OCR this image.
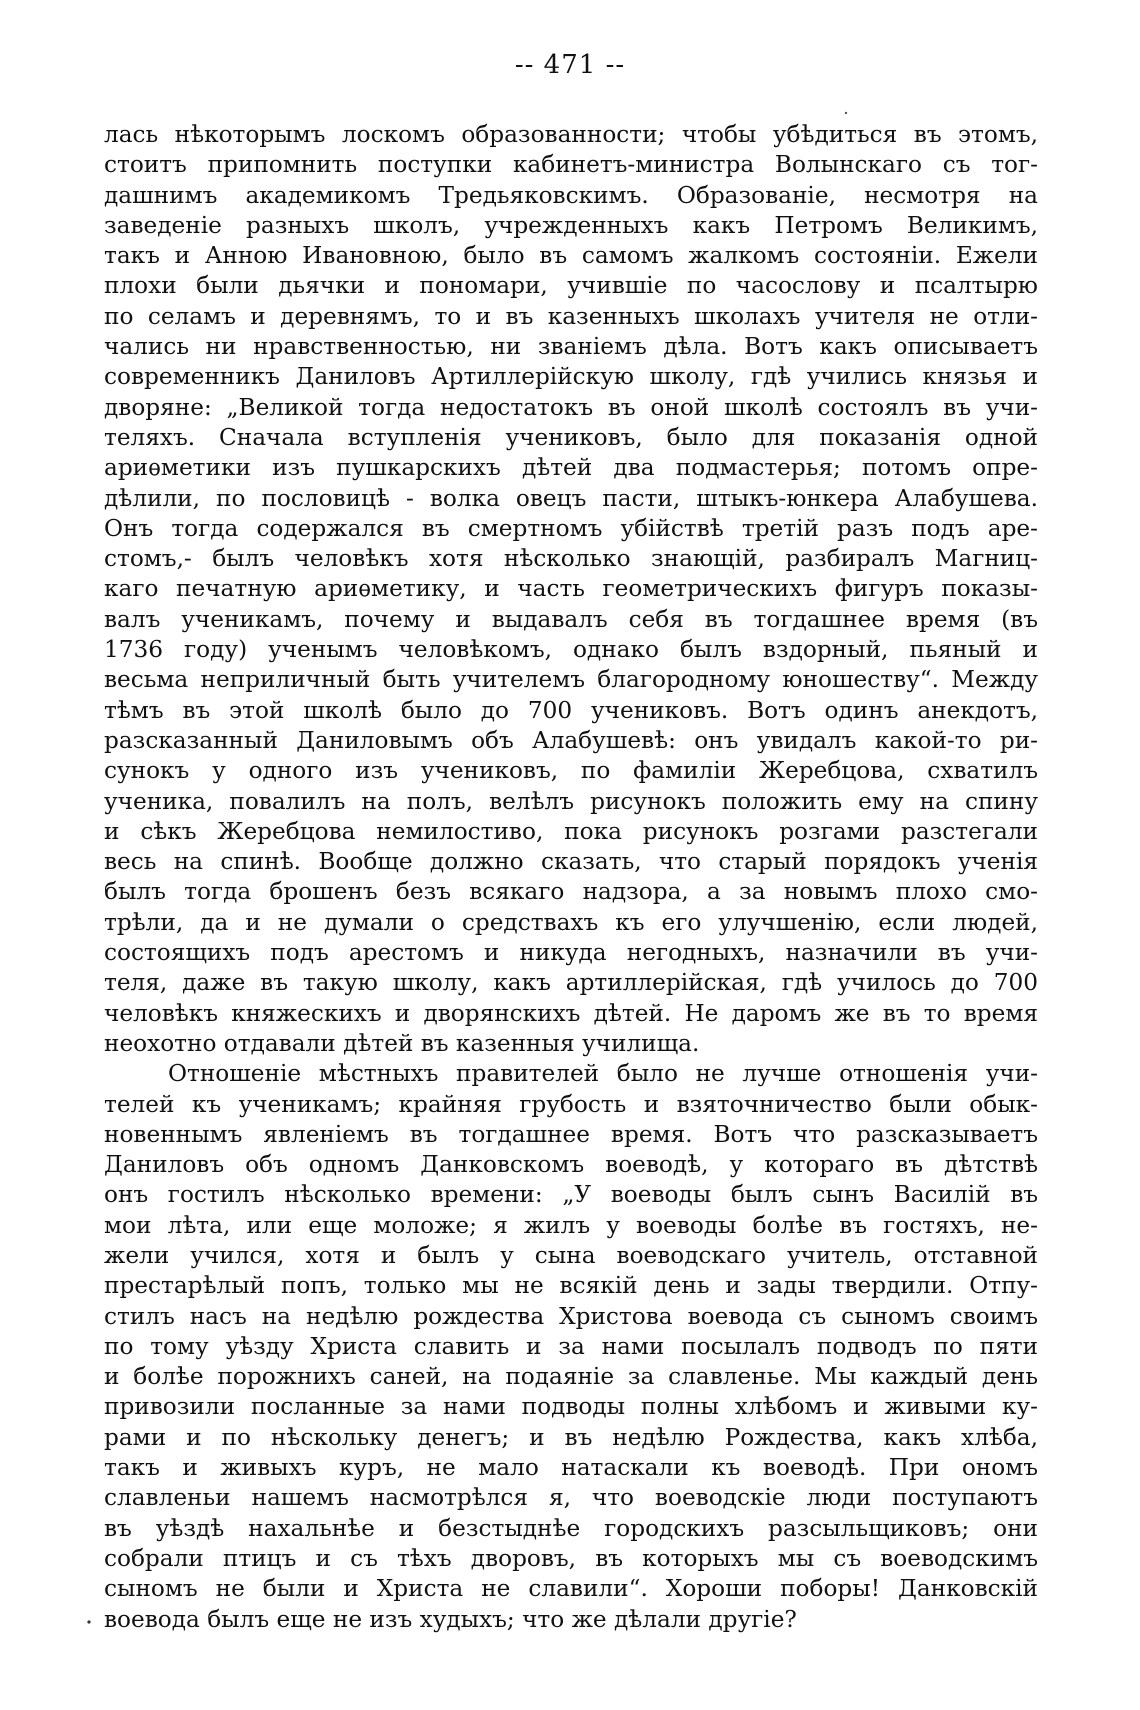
-- 471 --
лась нѣкоторымъ лоскомъ образованности; чтобы убѣдиться въ этомъ,
стоитъ припомнить поступки кабинетъ-министра Волынскаго съ тог-
дашнимъ академикомъ Тредьяковскимъ. Образованіе, несмотря на
заведеніе разныхъ школъ, учрежденныхъ какъ Петромъ Великимъ,
такъ и Анною Ивановною, было въ самомъ жалкомъ состояніи. Ежели
плохи были дьячки и пономари, учившіе по часослову и псалтырю
по селамъ и деревнямъ, то и въ казенныхъ школахъ учителя не отли-
чались ни нравственностью, ни званіемъ дѣла. Вотъ какъ описываетъ
современникъ Даниловъ Артиллерійскую школу, гдѣ учились князья и
дворяне: „Великой тогда недостатокъ въ оной школѣ состоялъ въ учи-
теляхъ. Сначала вступленія учениковъ, было для показанія одной
ариѳметики изъ пушкарскихъ дѣтей два подмастерья; потомъ опре-
дѣлили, по пословицѣ - волка овецъ пасти, штыкъ-юнкера Алабушева.
Онъ тогда содержался въ смертномъ убійствѣ третій разъ подъ аре-
стомъ,- былъ человѣкъ хотя нѣсколько знающій, разбиралъ Магниц-
каго печатную ариѳметику, и часть геометрическихъ фигуръ показы-
валъ ученикамъ, почему и выдавалъ себя въ тогдашнее время (въ
1736 году) ученымъ человѣкомъ, однако былъ вздорный, пьяный и
весьма неприличный быть учителемъ благородному юношеству“. Между
тѣмъ въ этой школѣ было до 700 учениковъ. Вотъ одинъ анекдотъ,
разсказанный Даниловымъ объ Алабушевѣ: онъ увидалъ какой-то ри-
сунокъ у одного изъ учениковъ, по фамиліи Жеребцова, схватилъ
ученика, повалилъ на полъ, велѣлъ рисунокъ положить ему на спину
и сѣкъ Жеребцова немилостиво, пока рисунокъ розгами разстегали
весь на спинѣ. Вообще должно сказать, что старый порядокъ ученія
былъ тогда брошенъ безъ всякаго надзора, а за новымъ плохо смо-
трѣли, да и не думали о средствахъ къ его улучшенію, если людей,
состоящихъ подъ арестомъ и никуда негодныхъ, назначили въ учи-
теля, даже въ такую школу, какъ артиллерійская, гдѣ училось до 700
человѣкъ княжескихъ и дворянскихъ дѣтей. Не даромъ же въ то время
неохотно отдавали дѣтей въ казенныя училища.
Отношеніе мѣстныхъ правителей было не лучше отношенія учи-
телей къ ученикамъ; крайняя грубость и взяточничество были обык-
новеннымъ явленіемъ въ тогдашнее время. Вотъ что разсказываетъ
Даниловъ объ одномъ Данковскомъ воеводѣ, у котораго въ дѣтствѣ
онъ гостилъ нѣсколько времени: „У воеводы былъ сынъ Василій въ
мои лѣта, или еще моложе; я жилъ у воеводы болѣе въ гостяхъ, не-
жели учился, хотя и былъ у сына воеводскаго учитель, отставной
престарѣлый попъ, только мы не всякій день и зады твердили. Отпу-
стилъ насъ на недѣлю рождества Христова воевода съ сыномъ своимъ
по тому уѣзду Христа славить и за нами посылалъ подводъ по пяти
и болѣе порожнихъ саней, на подаяніе за славленье. Мы каждый день
привозили посланные за нами подводы полны хлѣбомъ и живыми ку-
рами и по нѣскольку денегъ; и въ недѣлю Рождества, какъ хлѣба,
такъ и живыхъ куръ, не мало натаскали къ воеводѣ. При ономъ
славленьи нашемъ насмотрѣлся я, что воеводскіе люди поступаютъ
въ уѣздѣ нахальнѣе и безстыднѣе городскихъ разсыльщиковъ; они
собрали птицъ и съ тѣхъ дворовъ, въ которыхъ мы съ воеводскимъ
сыномъ не были и Христа не славили“. Хороши поборы! Данковскій
воевода былъ еще не изъ худыхъ; что же дѣлали другіе?
